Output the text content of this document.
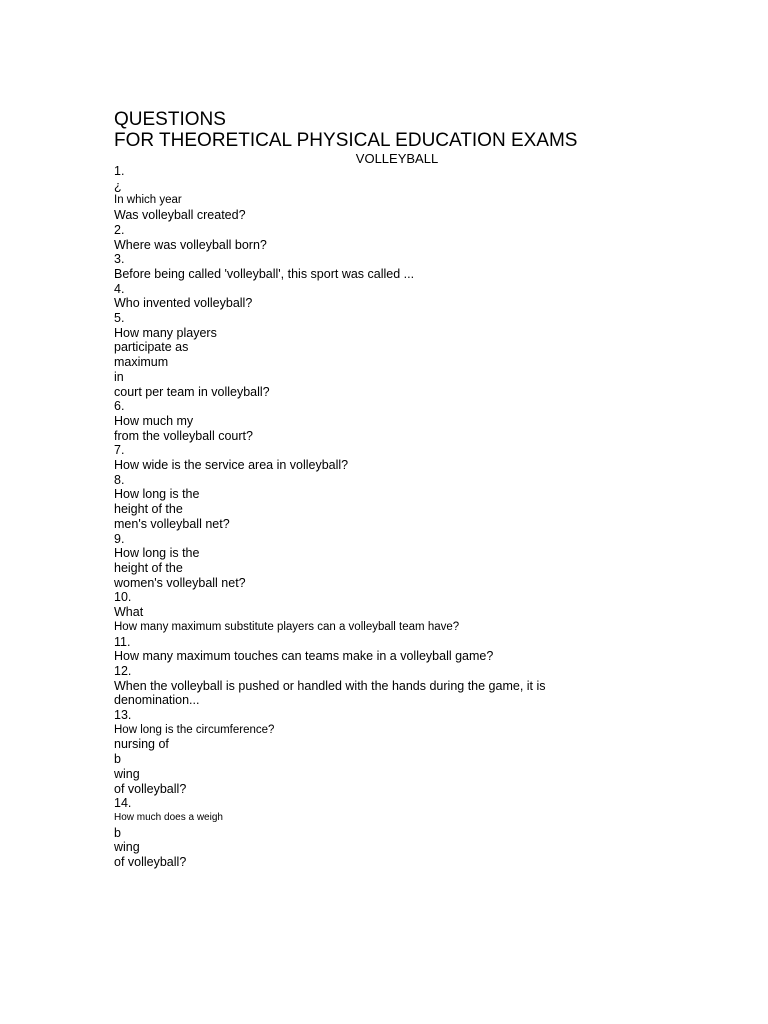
QUESTIONS
FOR THEORETICAL PHYSICAL EDUCATION EXAMS
VOLLEYBALL
1.
¿
In which year
Was volleyball created?
2.
Where was volleyball born?
3.
Before being called 'volleyball', this sport was called ...
4.
Who invented volleyball?
5.
How many players
participate as
maximum
in
court per team in volleyball?
6.
How much my
from the volleyball court?
7.
How wide is the service area in volleyball?
8.
How long is the
height of the
men's volleyball net?
9.
How long is the
height of the
women's volleyball net?
10.
What
How many maximum substitute players can a volleyball team have?
11.
How many maximum touches can teams make in a volleyball game?
12.
When the volleyball is pushed or handled with the hands during the game, it is
denomination...
13.
How long is the circumference?
nursing of
b
wing
of volleyball?
14.
How much does a weigh
b
wing
of volleyball?
